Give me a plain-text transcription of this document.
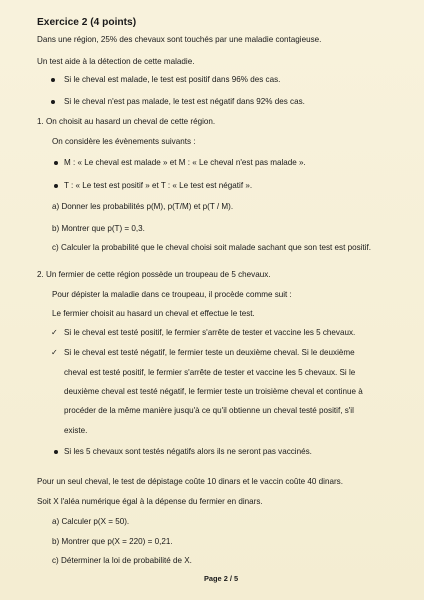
Exercice 2 (4 points)
Dans une région, 25% des chevaux sont touchés par une maladie contagieuse.
Un test aide à la détection de cette maladie.
Si le cheval est malade, le test est positif dans 96% des cas.
Si le cheval n'est pas malade, le test est négatif dans 92% des cas.
1. On choisit au hasard un cheval de cette région.
On considère les évènements suivants :
M : « Le cheval est malade » et M : « Le cheval n'est pas malade ».
T : « Le test est positif » et T : « Le test est négatif ».
a) Donner les probabilités p(M), p(T/M) et p(T / M).
b) Montrer que p(T) = 0,3.
c) Calculer la probabilité que le cheval choisi soit malade sachant que son test est positif.
2. Un fermier de cette région possède un troupeau de 5 chevaux.
Pour dépister la maladie dans ce troupeau, il procède comme suit :
Le fermier choisit au hasard un cheval et effectue le test.
✓ Si le cheval est testé positif, le fermier s'arrête de tester et vaccine les 5 chevaux.
✓ Si le cheval est testé négatif, le fermier teste un deuxième cheval. Si le deuxième
cheval est testé positif, le fermier s'arrête de tester et vaccine les 5 chevaux. Si le
deuxième cheval est testé négatif, le fermier teste un troisième cheval et continue à
procéder de la même manière jusqu'à ce qu'il obtienne un cheval testé positif, s'il
existe.
Si les 5 chevaux sont testés négatifs alors ils ne seront pas vaccinés.
Pour un seul cheval, le test de dépistage coûte 10 dinars et le vaccin coûte 40 dinars.
Soit X l'aléa numérique égal à la dépense du fermier en dinars.
a) Calculer p(X = 50).
b) Montrer que p(X = 220) = 0,21.
c) Déterminer la loi de probabilité de X.
Page 2 / 5
